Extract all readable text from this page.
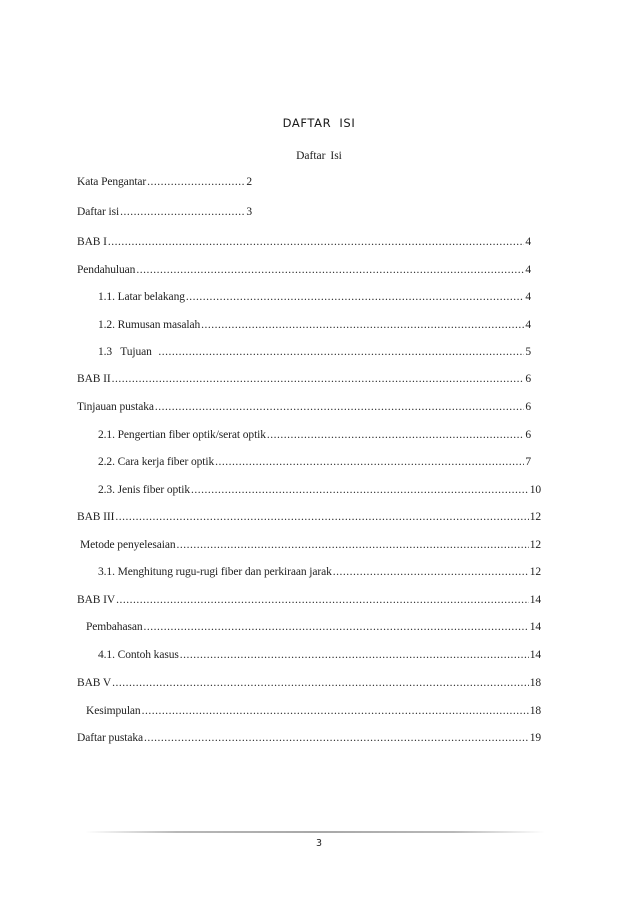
DAFTAR ISI
Daftar Isi
Kata Pengantar .....	2
Daftar isi .....	3
BAB I .....	4
Pendahuluan .....	4
1.1. Latar belakang .....	4
1.2. Rumusan masalah .....	4
1.3   Tujuan .....	5
BAB II .....	6
Tinjauan pustaka .....	6
2.1. Pengertian fiber optik/serat optik .....	6
2.2. Cara kerja fiber optik .....	7
2.3. Jenis fiber optik .....	10
BAB III .....	12
Metode penyelesaian .....	12
3.1. Menghitung rugu-rugi fiber dan perkiraan jarak .....	12
BAB IV .....	14
Pembahasan .....	14
4.1. Contoh kasus .....	14
BAB V .....	18
Kesimpulan .....	18
Daftar pustaka .....	19
3
